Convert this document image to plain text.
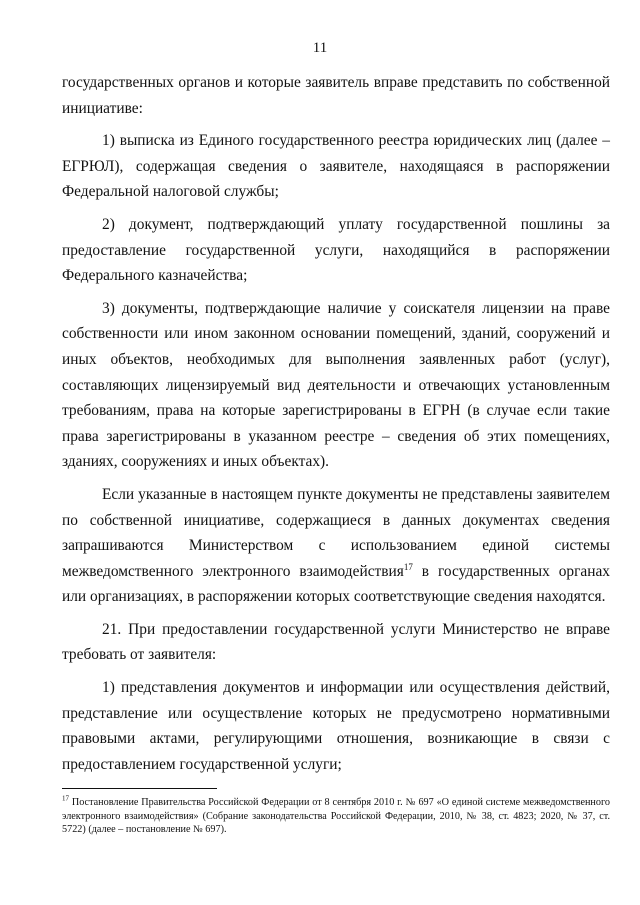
11

государственных органов и которые заявитель вправе представить по собственной инициативе:

1) выписка из Единого государственного реестра юридических лиц (далее – ЕГРЮЛ), содержащая сведения о заявителе, находящаяся в распоряжении Федеральной налоговой службы;

2) документ, подтверждающий уплату государственной пошлины за предоставление государственной услуги, находящийся в распоряжении Федерального казначейства;

3) документы, подтверждающие наличие у соискателя лицензии на праве собственности или ином законном основании помещений, зданий, сооружений и иных объектов, необходимых для выполнения заявленных работ (услуг), составляющих лицензируемый вид деятельности и отвечающих установленным требованиям, права на которые зарегистрированы в ЕГРН (в случае если такие права зарегистрированы в указанном реестре – сведения об этих помещениях, зданиях, сооружениях и иных объектах).

Если указанные в настоящем пункте документы не представлены заявителем по собственной инициативе, содержащиеся в данных документах сведения запрашиваются Министерством с использованием единой системы межведомственного электронного взаимодействия$^{17}$ в государственных органах или организациях, в распоряжении которых соответствующие сведения находятся.

21. При предоставлении государственной услуги Министерство не вправе требовать от заявителя:

1) представления документов и информации или осуществления действий, представление или осуществление которых не предусмотрено нормативными правовыми актами, регулирующими отношения, возникающие в связи с предоставлением государственной услуги;

$^{17}$ Постановление Правительства Российской Федерации от 8 сентября 2010 г. № 697 «О единой системе межведомственного электронного взаимодействия» (Собрание законодательства Российской Федерации, 2010, № 38, ст. 4823; 2020, № 37, ст. 5722) (далее – постановление № 697).
